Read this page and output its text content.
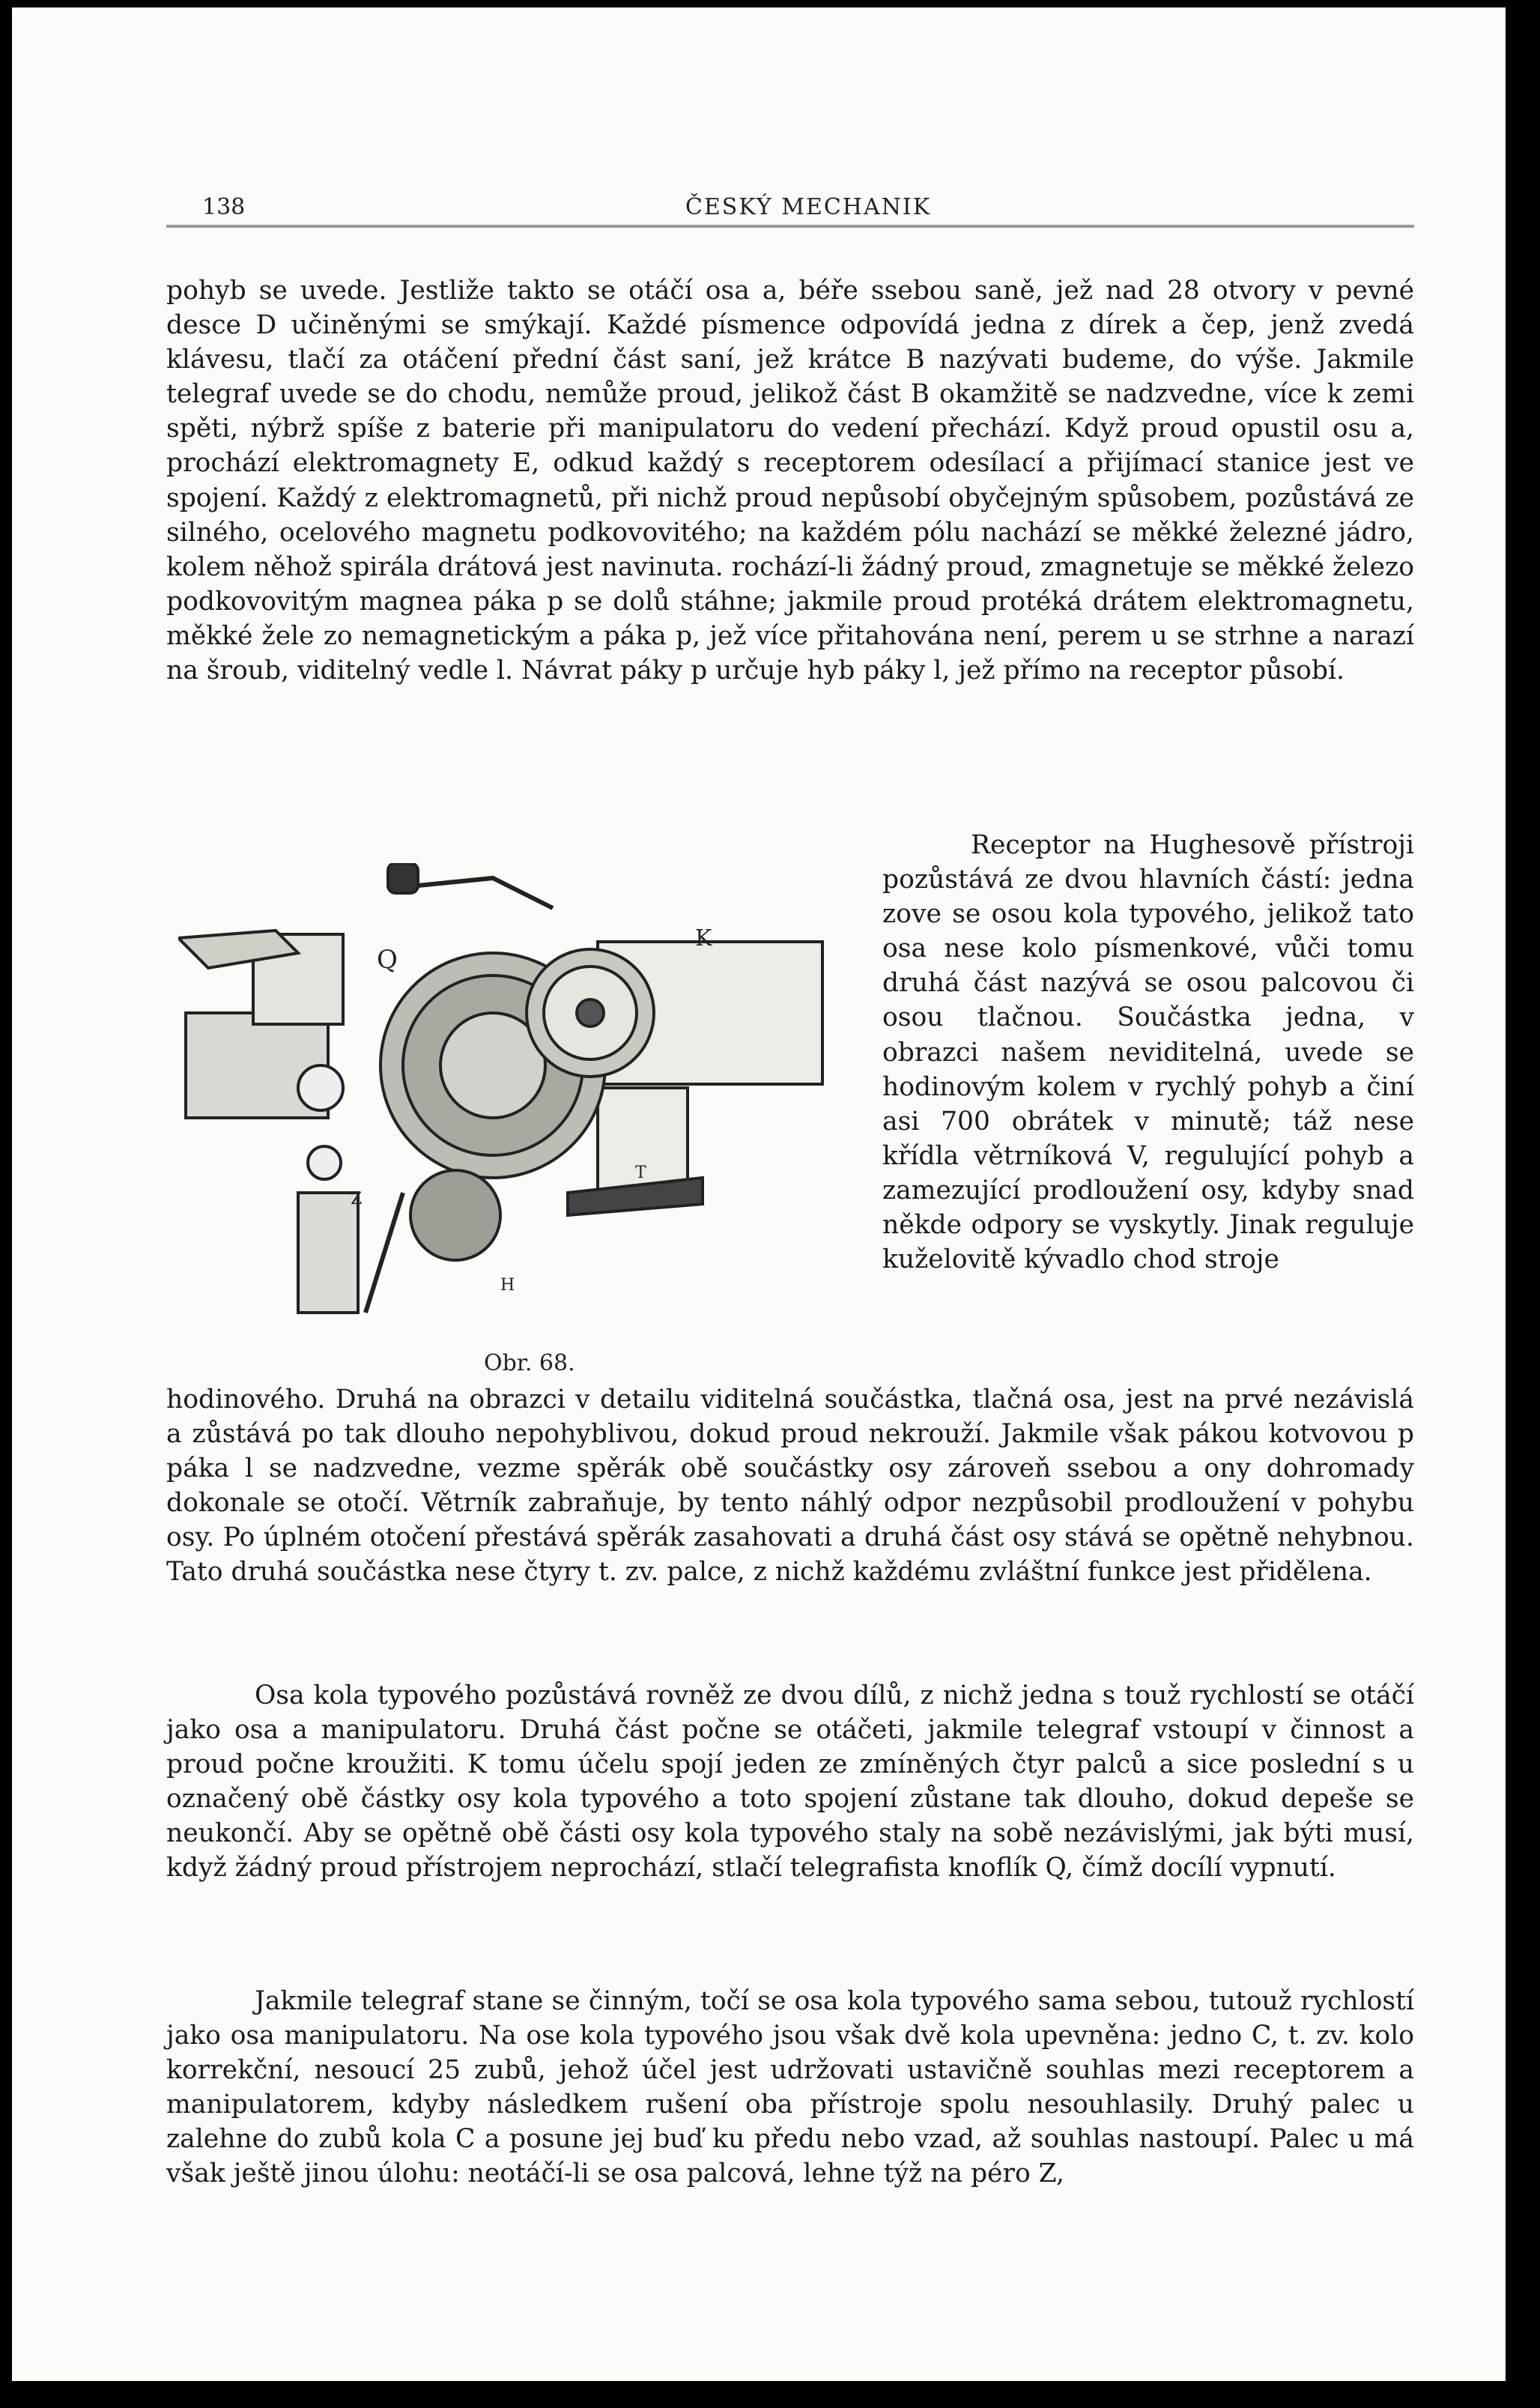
138	ČESKÝ MECHANIK

pohyb se uvede. Jestliže takto se otáčí osa a, béře ssebou saně, jež nad 28 otvory v pevné desce D učiněnými se smýkají. Každé písmence odpovídá jedna z dírek a čep, jenž zvedá klávesu, tlačí za otáčení přední část saní, jež krátce B nazývati budeme, do výše. Jakmile telegraf uvede se do chodu, nemůže proud, jelikož část B okamžitě se nadzvedne, více k zemi spěti, nýbrž spíše z baterie při manipulatoru do vedení přechází. Když proud opustil osu a, prochází elektromagnety E, odkud každý s receptorem odesílací a přijímací stanice jest ve spojení. Každý z elektromagnetů, při nichž proud nepůsobí obyčejným spůsobem, pozůstává ze silného, ocelového magnetu podkovovitého; na každém pólu nachází se měkké železné jádro, kolem něhož spirála drátová jest navinuta. rochází-li žádný proud, zmagnetuje se měkké železo podkovovitým magnea páka p se dolů stáhne; jakmile proud protéká drátem elektromagnetu, měkké žele zo nemagnetickým a páka p, jež více přitahována není, perem u se strhne a narazí na šroub, viditelný vedle l. Návrat páky p určuje hyb páky l, jež přímo na receptor působí.

Receptor na Hughesově přístroji pozůstává ze dvou hlavních částí: jedna zove se osou kola typového, jelikož tato osa nese kolo písmenkové, vůči tomu druhá část nazývá se osou palcovou či osou tlačnou. Součástka jedna, v obrazci našem neviditelná, uvede se hodinovým kolem v rychlý pohyb a činí asi 700 obrátek v minutě; táž nese křídla větrníková V, regulující pohyb a zamezující prodloužení osy, kdyby snad někde odpory se vyskytly. Jinak reguluje kuželovitě kývadlo chod stroje

Q
K
Z
T
H
Obr. 68.

hodinového. Druhá na obrazci v detailu viditelná součástka, tlačná osa, jest na prvé nezávislá a zůstává po tak dlouho nepohyblivou, dokud proud nekrouží. Jakmile však pákou kotvovou p páka l se nadzvedne, vezme spěrák obě součástky osy zároveň ssebou a ony dohromady dokonale se otočí. Větrník zabraňuje, by tento náhlý odpor nezpůsobil prodloužení v pohybu osy. Po úplném otočení přestává spěrák zasahovati a druhá část osy stává se opětně nehybnou. Tato druhá součástka nese čtyry t. zv. palce, z nichž každému zvláštní funkce jest přidělena.

Osa kola typového pozůstává rovněž ze dvou dílů, z nichž jedna s touž rychlostí se otáčí jako osa a manipulatoru. Druhá část počne se otáčeti, jakmile telegraf vstoupí v činnost a proud počne kroužiti. K tomu účelu spojí jeden ze zmíněných čtyr palců a sice poslední s u označený obě částky osy kola typového a toto spojení zůstane tak dlouho, dokud depeše se neukončí. Aby se opětně obě části osy kola typového staly na sobě nezávislými, jak býti musí, když žádný proud přístrojem neprochází, stlačí telegrafista knoflík Q, čímž docílí vypnutí.

Jakmile telegraf stane se činným, točí se osa kola typového sama sebou, tutouž rychlostí jako osa manipulatoru. Na ose kola typového jsou však dvě kola upevněna: jedno C, t. zv. kolo korrekční, nesoucí 25 zubů, jehož účel jest udržovati ustavičně souhlas mezi receptorem a manipulatorem, kdyby následkem rušení oba přístroje spolu nesouhlasily. Druhý palec u zalehne do zubů kola C a posune jej buď ku předu nebo vzad, až souhlas nastoupí. Palec u má však ještě jinou úlohu: neotáčí-li se osa palcová, lehne týž na péro Z,
